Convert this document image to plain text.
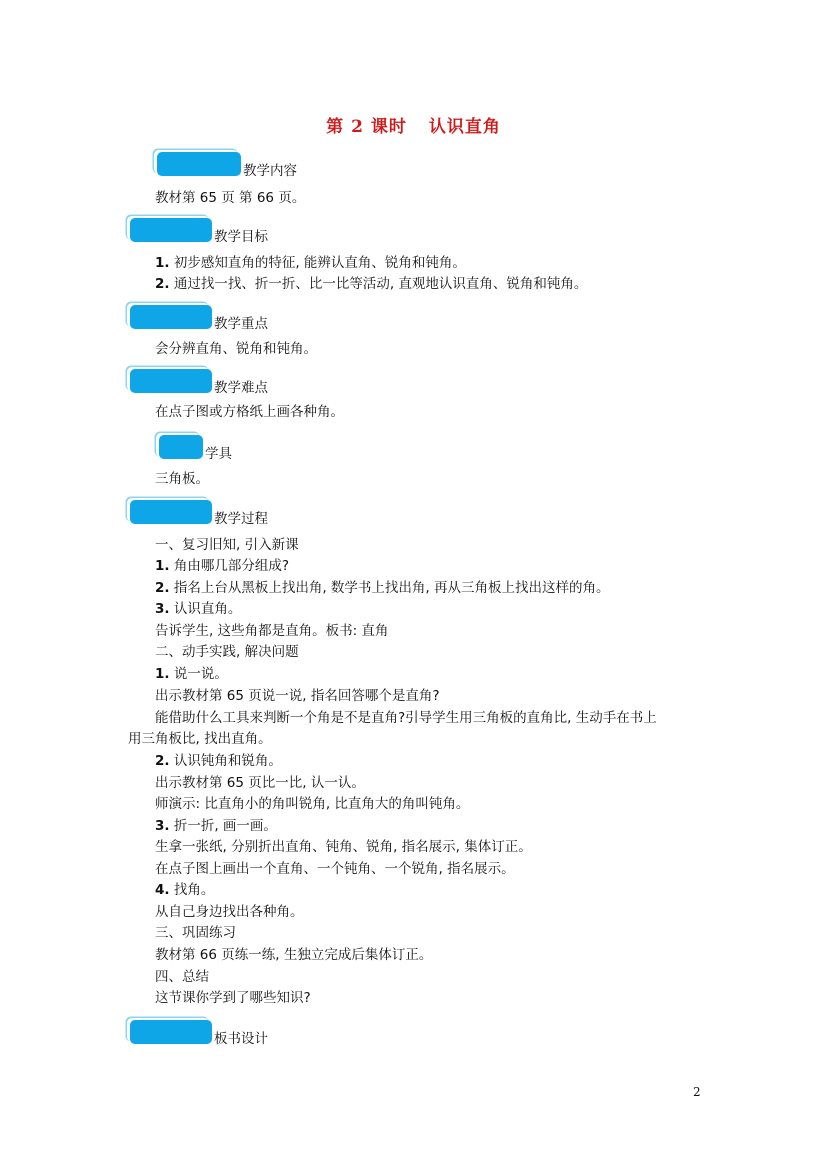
第 2 课时 认识直角
教学内容
教材第 65 页 第 66 页。
教学目标
1. 初步感知直角的特征, 能辨认直角、锐角和钝角。
2. 通过找一找、折一折、比一比等活动, 直观地认识直角、锐角和钝角。
教学重点
会分辨直角、锐角和钝角。
教学难点
在点子图或方格纸上画各种角。
学具
三角板。
教学过程
一、复习旧知, 引入新课
1. 角由哪几部分组成?
2. 指名上台从黑板上找出角, 数学书上找出角, 再从三角板上找出这样的角。
3. 认识直角。
告诉学生, 这些角都是直角。板书: 直角
二、动手实践, 解决问题
1. 说一说。
出示教材第 65 页说一说, 指名回答哪个是直角?
能借助什么工具来判断一个角是不是直角?引导学生用三角板的直角比, 生动手在书上
用三角板比, 找出直角。
2. 认识钝角和锐角。
出示教材第 65 页比一比, 认一认。
师演示: 比直角小的角叫锐角, 比直角大的角叫钝角。
3. 折一折, 画一画。
生拿一张纸, 分别折出直角、钝角、锐角, 指名展示, 集体订正。
在点子图上画出一个直角、一个钝角、一个锐角, 指名展示。
4. 找角。
从自己身边找出各种角。
三、巩固练习
教材第 66 页练一练, 生独立完成后集体订正。
四、总结
这节课你学到了哪些知识?
板书设计
2
